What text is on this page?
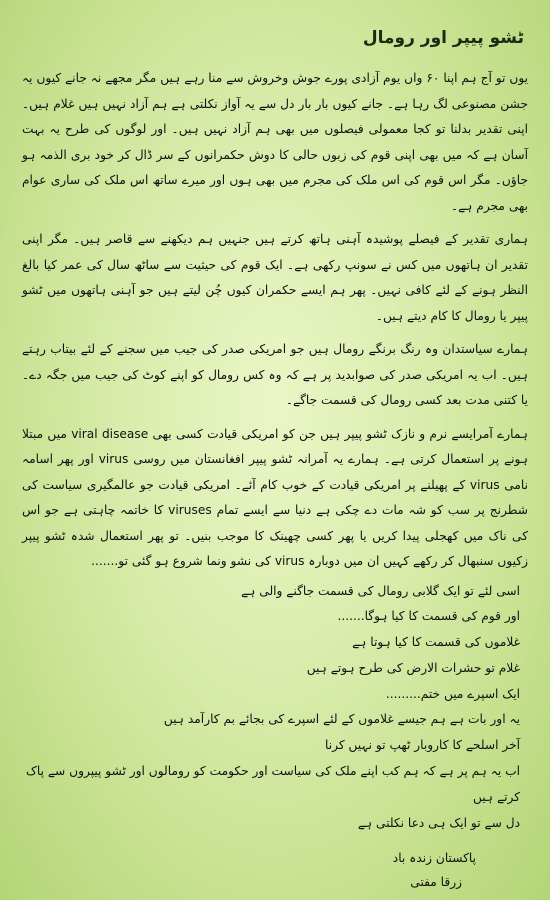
ٹشو پیپر اور رومال

یوں تو آج ہم اپنا ۶۰ واں یوم آزادی پورے جوش وخروش سے منا رہے ہیں مگر مجھے نہ جانے کیوں یہ جشن مصنوعی لگ رہا ہے۔ جانے کیوں بار بار دل سے یہ آواز نکلتی ہے ہم آزاد نہیں ہیں غلام ہیں۔ اپنی تقدیر بدلنا تو کجا معمولی فیصلوں میں بھی ہم آزاد نہیں ہیں۔ اور لوگوں کی طرح یہ بہت آسان ہے کہ میں بھی اپنی قوم کی زبوں حالی کا دوش حکمرانوں کے سر ڈال کر خود بری الذمہ ہو جاؤں۔ مگر اس قوم کی اس ملک کی مجرم میں بھی ہوں اور میرے ساتھ اس ملک کی ساری عوام بھی مجرم ہے۔

ہماری تقدیر کے فیصلے پوشیدہ آہنی ہاتھ کرتے ہیں جنہیں ہم دیکھنے سے قاصر ہیں۔ مگر اپنی تقدیر ان ہاتھوں میں کس نے سونپ رکھی ہے۔ ایک قوم کی حیثیت سے ساٹھ سال کی عمر کیا بالغ النظر ہونے کے لئے کافی نہیں۔ پھر ہم ایسے حکمران کیوں چُن لیتے ہیں جو آہنی ہاتھوں میں ٹشو پیپر یا رومال کا کام دیتے ہیں۔

ہمارے سیاستدان وہ رنگ برنگے رومال ہیں جو امریکی صدر کی جیب میں سجنے کے لئے بیتاب رہتے ہیں۔ اب یہ امریکی صدر کی صوابدید پر ہے کہ وہ کس رومال کو اپنے کوٹ کی جیب میں جگہ دے۔ یا کتنی مدت بعد کسی رومال کی قسمت جاگے۔

ہمارے آمرایسے نرم و نازک ٹشو پیپر ہیں جن کو امریکی قیادت کسی بھی viral disease میں مبتلا ہونے پر استعمال کرتی ہے۔ ہمارے یہ آمرانہ ٹشو پیپر افغانستان میں روسی virus اور پھر اسامہ نامی virus کے پھیلنے پر امریکی قیادت کے خوب کام آئے۔ امریکی قیادت جو عالمگیری سیاست کی شطرنج پر سب کو شہ مات دے چکی ہے دنیا سے ایسے تمام viruses کا خاتمہ چاہتی ہے جو اس کی ناک میں کھجلی پیدا کریں یا پھر کسی چھینک کا موجب بنیں۔ تو پھر استعمال شدہ ٹشو پیپر زکیوں سنبھال کر رکھے کہیں ان میں دوبارہ virus کی نشو ونما شروع ہو گئی تو.......

اسی لئے تو ایک گلابی رومال کی قسمت جاگنے والی ہے
اور قوم کی قسمت کا کیا ہوگا.......
غلاموں کی قسمت کا کیا ہوتا ہے
غلام تو حشرات الارض کی طرح ہوتے ہیں
ایک اسپرے میں ختم.........
یہ اور بات ہے ہم جیسے غلاموں کے لئے اسپرے کی بجائے بم کارآمد ہیں
آخر اسلحے کا کاروبار ٹھپ تو نہیں کرنا
اب یہ ہم پر ہے کہ ہم کب اپنے ملک کی سیاست اور حکومت کو رومالوں اور ٹشو پیپروں سے پاک کرتے ہیں
دل سے تو ایک ہی دعا نکلتی ہے
پاکستان زندہ باد
زرقا مفتی
